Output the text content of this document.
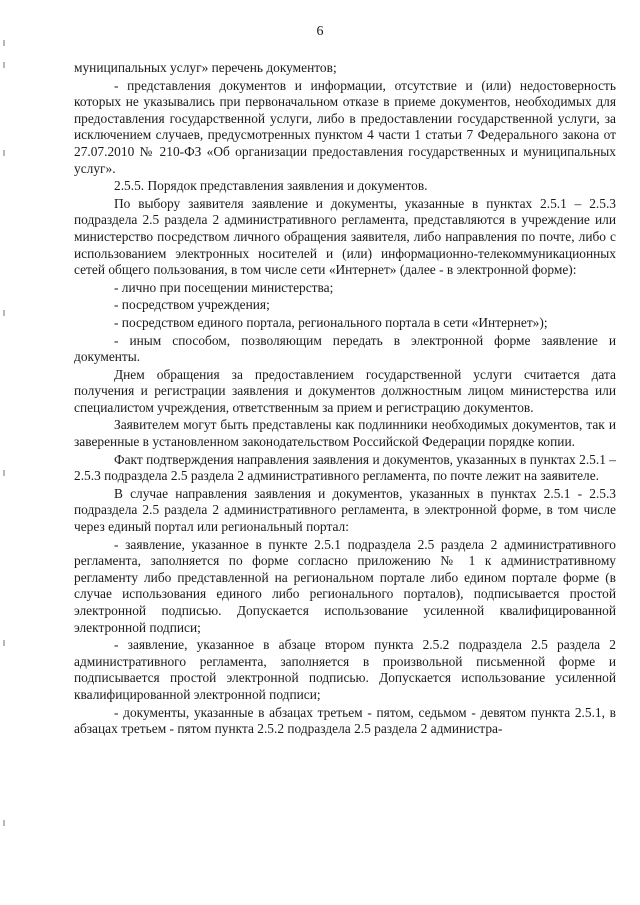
6

муниципальных услуг» перечень документов;

- представления документов и информации, отсутствие и (или) недостоверность которых не указывались при первоначальном отказе в приеме документов, необходимых для предоставления государственной услуги, либо в предоставлении государственной услуги, за исключением случаев, предусмотренных пунктом 4 части 1 статьи 7 Федерального закона от 27.07.2010 № 210-ФЗ «Об организации предоставления государственных и муниципальных услуг».

2.5.5. Порядок представления заявления и документов.

По выбору заявителя заявление и документы, указанные в пунктах 2.5.1 – 2.5.3 подраздела 2.5 раздела 2 административного регламента, представляются в учреждение или министерство посредством личного обращения заявителя, либо направления по почте, либо с использованием электронных носителей и (или) информационно-телекоммуникационных сетей общего пользования, в том числе сети «Интернет» (далее - в электронной форме):

- лично при посещении министерства;

- посредством учреждения;

- посредством единого портала, регионального портала в сети «Интернет»);

- иным способом, позволяющим передать в электронной форме заявление и документы.

Днем обращения за предоставлением государственной услуги считается дата получения и регистрации заявления и документов должностным лицом министерства или специалистом учреждения, ответственным за прием и регистрацию документов.

Заявителем могут быть представлены как подлинники необходимых документов, так и заверенные в установленном законодательством Российской Федерации порядке копии.

Факт подтверждения направления заявления и документов, указанных в пунктах 2.5.1 – 2.5.3 подраздела 2.5 раздела 2 административного регламента, по почте лежит на заявителе.

В случае направления заявления и документов, указанных в пунктах 2.5.1 - 2.5.3 подраздела 2.5 раздела 2 административного регламента, в электронной форме, в том числе через единый портал или региональный портал:

- заявление, указанное в пункте 2.5.1 подраздела 2.5 раздела 2 административного регламента, заполняется по форме согласно приложению № 1 к административному регламенту либо представленной на региональном портале либо едином портале форме (в случае использования единого либо регионального порталов), подписывается простой электронной подписью. Допускается использование усиленной квалифицированной электронной подписи;

- заявление, указанное в абзаце втором пункта 2.5.2 подраздела 2.5 раздела 2 административного регламента, заполняется в произвольной письменной форме и подписывается простой электронной подписью. Допускается использование усиленной квалифицированной электронной подписи;

- документы, указанные в абзацах третьем - пятом, седьмом - девятом пункта 2.5.1, в абзацах третьем - пятом пункта 2.5.2 подраздела 2.5 раздела 2 администра-
